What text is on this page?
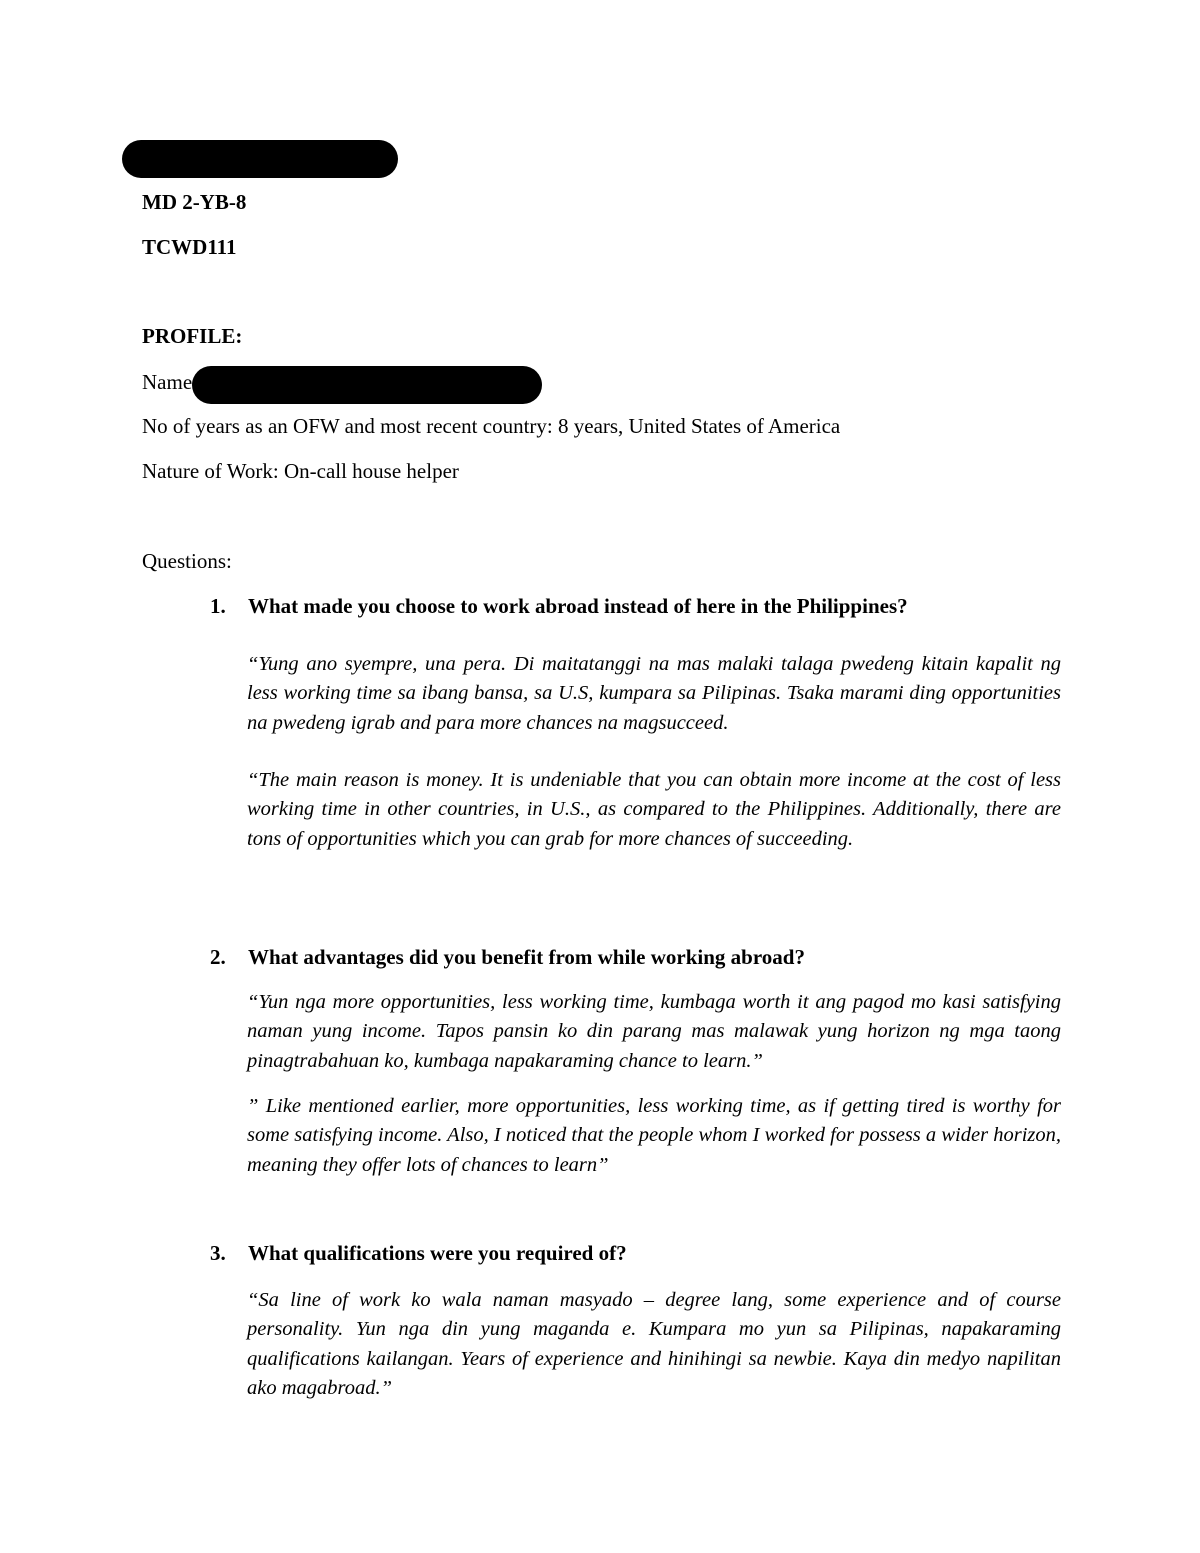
MD 2-YB-8
TCWD111
PROFILE:
Name
No of years as an OFW and most recent country: 8 years, United States of America
Nature of Work: On-call house helper
Questions:
1. What made you choose to work abroad instead of here in the Philippines?

“Yung ano syempre, una pera. Di maitatanggi na mas malaki talaga pwedeng kitain kapalit ng less working time sa ibang bansa, sa U.S, kumpara sa Pilipinas. Tsaka marami ding opportunities na pwedeng igrab and para more chances na magsucceed.

“The main reason is money. It is undeniable that you can obtain more income at the cost of less working time in other countries, in U.S., as compared to the Philippines. Additionally, there are tons of opportunities which you can grab for more chances of succeeding.

2. What advantages did you benefit from while working abroad?

“Yun nga more opportunities, less working time, kumbaga worth it ang pagod mo kasi satisfying naman yung income. Tapos pansin ko din parang mas malawak yung horizon ng mga taong pinagtrabahuan ko, kumbaga napakaraming chance to learn.”

” Like mentioned earlier, more opportunities, less working time, as if getting tired is worthy for some satisfying income. Also, I noticed that the people whom I worked for possess a wider horizon, meaning they offer lots of chances to learn”

3. What qualifications were you required of?

“Sa line of work ko wala naman masyado – degree lang, some experience and of course personality. Yun nga din yung maganda e. Kumpara mo yun sa Pilipinas, napakaraming qualifications kailangan. Years of experience and hinihingi sa newbie. Kaya din medyo napilitan ako magabroad.”
